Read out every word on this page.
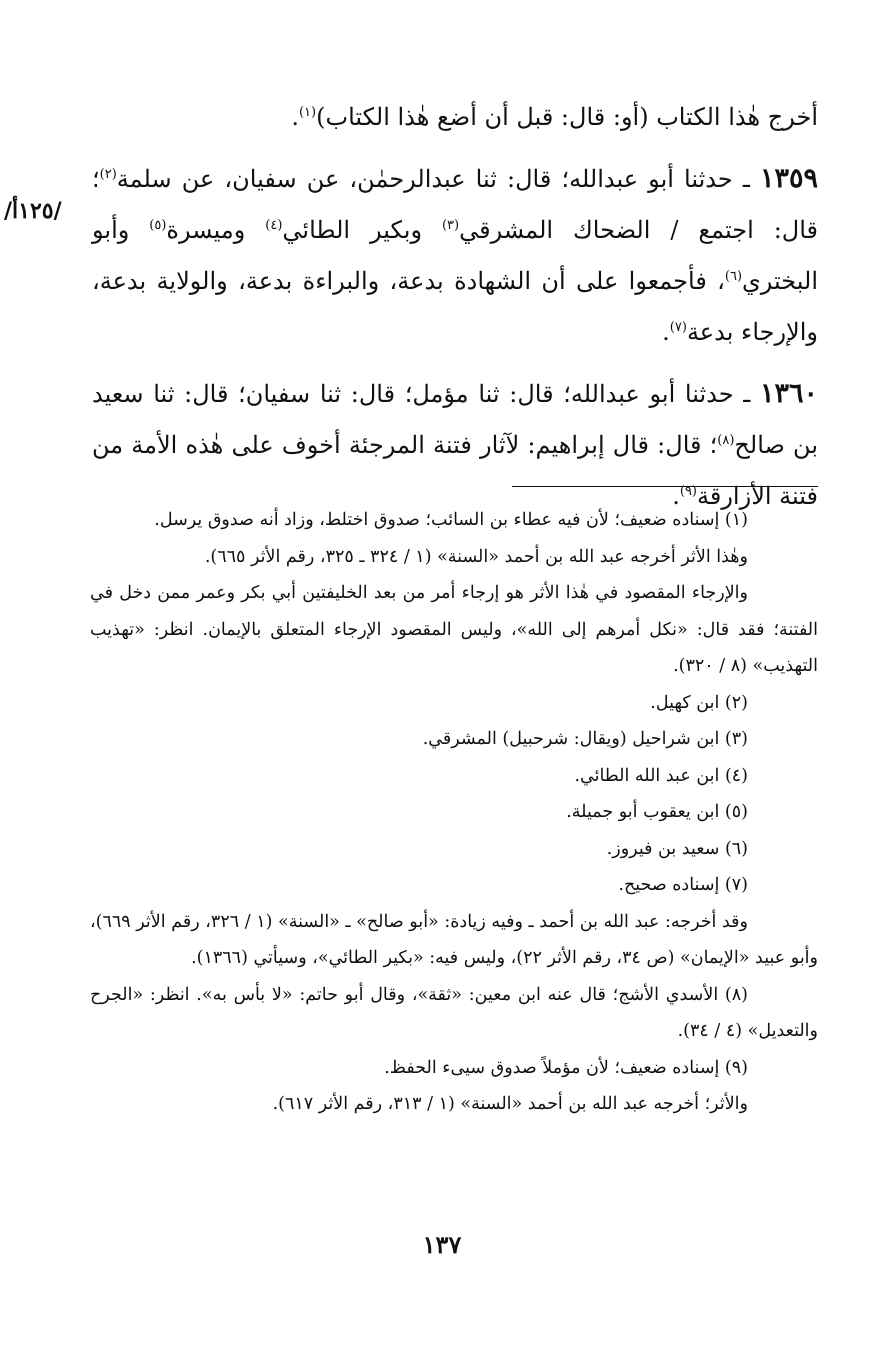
أخرج هٰذا الكتاب (أو: قال: قبل أن أضع هٰذا الكتاب)$^{(١)}$.

١٣٥٩ ـ حدثنا أبو عبدالله؛ قال: ثنا عبدالرحمٰن، عن سفيان، عن سلمة$^{(٢)}$؛ قال: اجتمع / الضحاك المشرقي$^{(٣)}$ وبكير الطائي$^{(٤)}$ وميسرة$^{(٥)}$ وأبو البختري$^{(٦)}$، فأجمعوا على أن الشهادة بدعة، والبراءة بدعة، والولاية بدعة، والإرجاء بدعة$^{(٧)}$.

١٣٦٠ ـ حدثنا أبو عبدالله؛ قال: ثنا مؤمل؛ قال: ثنا سفيان؛ قال: ثنا سعيد بن صالح$^{(٨)}$؛ قال: قال إبراهيم: لآثار فتنة المرجئة أخوف على هٰذه الأمة من فتنة الأزارقة$^{(٩)}$.

/١٢٥أ/

(١) إسناده ضعيف؛ لأن فيه عطاء بن السائب؛ صدوق اختلط، وزاد أنه صدوق يرسل.

وهٰذا الأثر أخرجه عبد الله بن أحمد «السنة» (١ / ٣٢٤ ـ ٣٢٥، رقم الأثر ٦٦٥).

والإرجاء المقصود في هٰذا الأثر هو إرجاء أمر من بعد الخليفتين أبي بكر وعمر ممن دخل في الفتنة؛ فقد قال: «نكل أمرهم إلى الله»، وليس المقصود الإرجاء المتعلق بالإيمان. انظر: «تهذيب التهذيب» (٨ / ٣٢٠).

(٢) ابن كهيل.

(٣) ابن شراحيل (ويقال: شرحبيل) المشرقي.

(٤) ابن عبد الله الطائي.

(٥) ابن يعقوب أبو جميلة.

(٦) سعيد بن فيروز.

(٧) إسناده صحيح.

وقد أخرجه: عبد الله بن أحمد ـ وفيه زيادة: «أبو صالح» ـ «السنة» (١ / ٣٢٦، رقم الأثر ٦٦٩)، وأبو عبيد «الإيمان» (ص ٣٤، رقم الأثر ٢٢)، وليس فيه: «بكير الطائي»، وسيأتي (١٣٦٦).

(٨) الأسدي الأشج؛ قال عنه ابن معين: «ثقة»، وقال أبو حاتم: «لا بأس به». انظر: «الجرح والتعديل» (٤ / ٣٤).

(٩) إسناده ضعيف؛ لأن مؤملاً صدوق سيىء الحفظ.

والأثر؛ أخرجه عبد الله بن أحمد «السنة» (١ / ٣١٣، رقم الأثر ٦١٧).

١٣٧
